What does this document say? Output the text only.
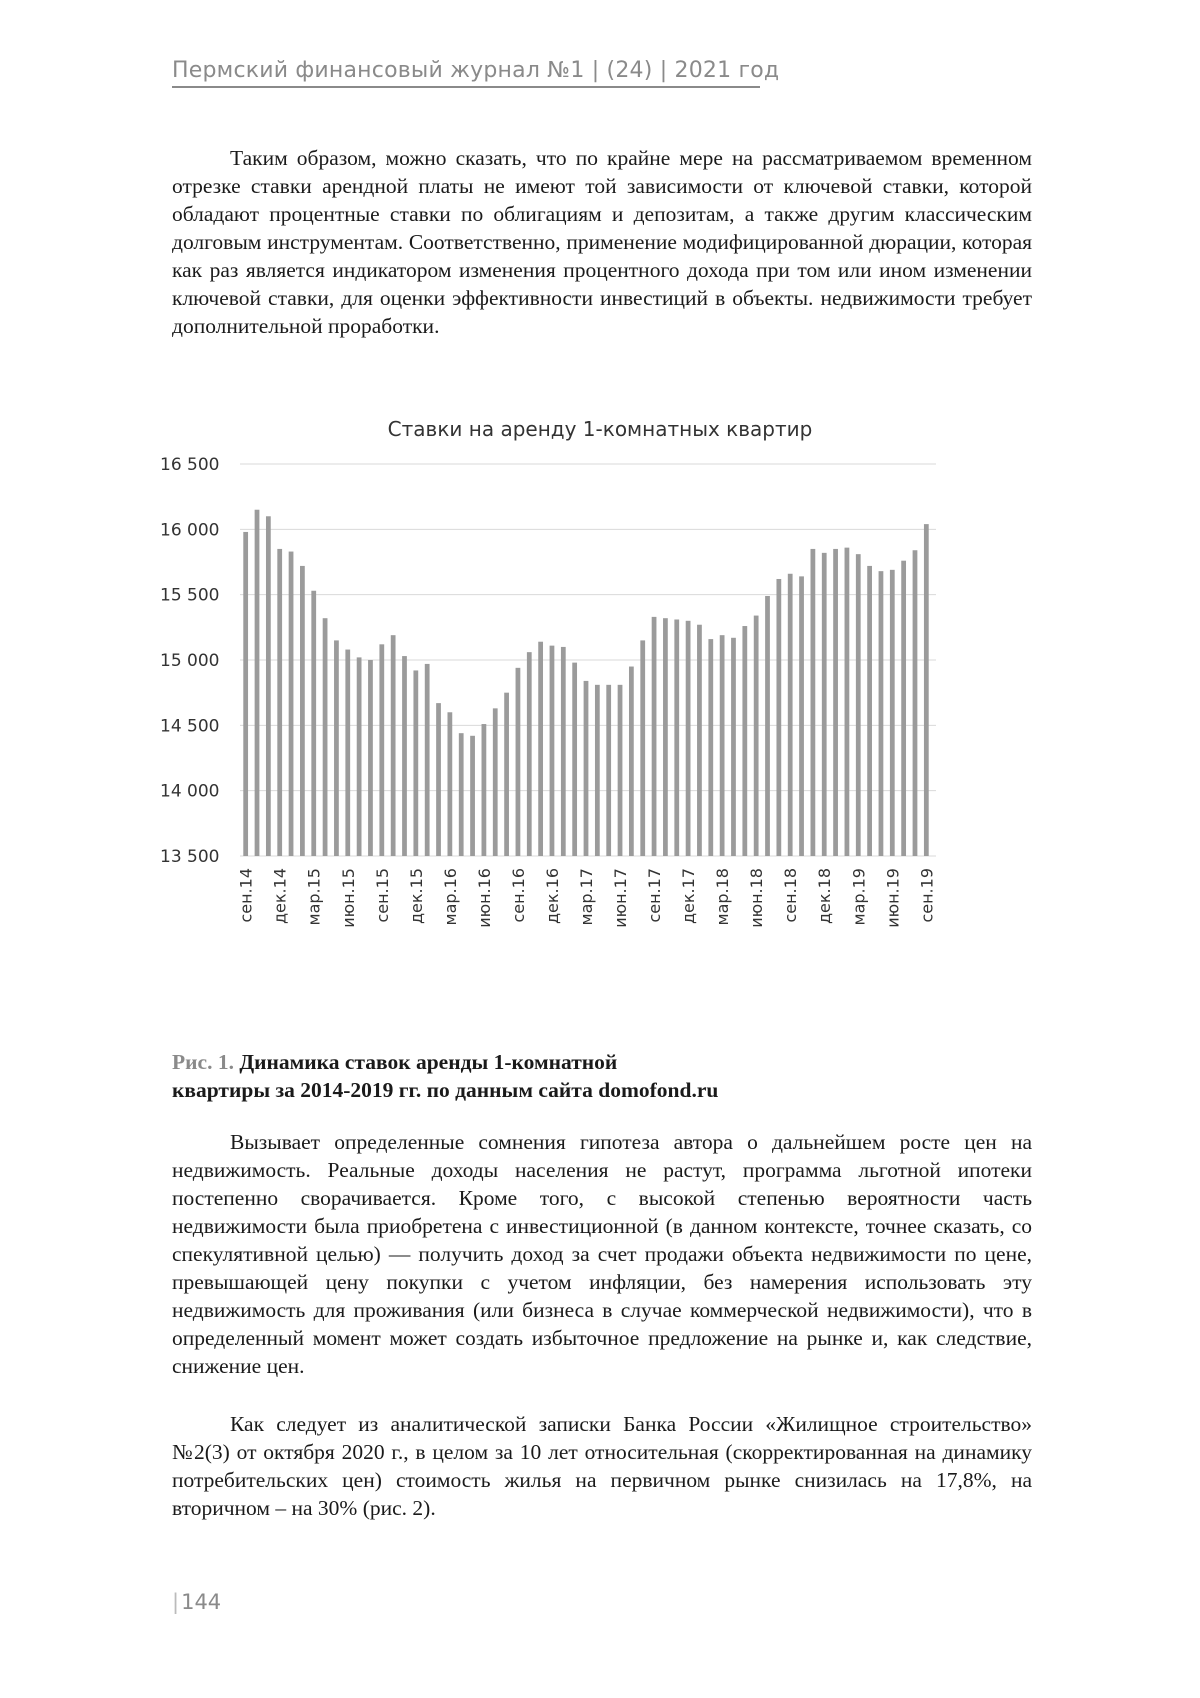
Пермский финансовый журнал №1 | (24) | 2021 год

Таким образом, можно сказать, что по крайне мере на рассматриваемом временном отрезке ставки арендной платы не имеют той зависимости от ключевой ставки, которой обладают процентные ставки по облигациям и депозитам, а также другим классическим долговым инструментам. Соответственно, применение модифицированной дюрации, которая как раз является индикатором изменения процентного дохода при том или ином изменении ключевой ставки, для оценки эффективности инвестиций в объекты. недвижимости требует дополнительной проработки.

Ставки на аренду 1-комнатных квартир
16 500
16 000
15 500
15 000
14 500
14 000
13 500
сен.14 дек.14 мар.15 июн.15 сен.15 дек.15 мар.16 июн.16 сен.16 дек.16 мар.17 июн.17 сен.17 дек.17 мар.18 июн.18 сен.18 дек.18 мар.19 июн.19 сен.19
Рис. 1. Динамика ставок аренды 1-комнатной
квартиры за 2014-2019 гг. по данным сайта domofond.ru

Вызывает определенные сомнения гипотеза автора о дальнейшем росте цен на недвижимость. Реальные доходы населения не растут, программа льготной ипотеки постепенно сворачивается. Кроме того, с высокой степенью вероятности часть недвижимости была приобретена с инвестиционной (в данном контексте, точнее сказать, со спекулятивной целью) — получить доход за счет продажи объекта недвижимости по цене, превышающей цену покупки с учетом инфляции, без намерения использовать эту недвижимость для проживания (или бизнеса в случае коммерческой недвижимости), что в определенный момент может создать избыточное предложение на рынке и, как следствие, снижение цен.

Как следует из аналитической записки Банка России «Жилищное строительство» №2(3) от октября 2020 г., в целом за 10 лет относительная (скорректированная на динамику потребительских цен) стоимость жилья на первичном рынке снизилась на 17,8%, на вторичном – на 30% (рис. 2).

|144
